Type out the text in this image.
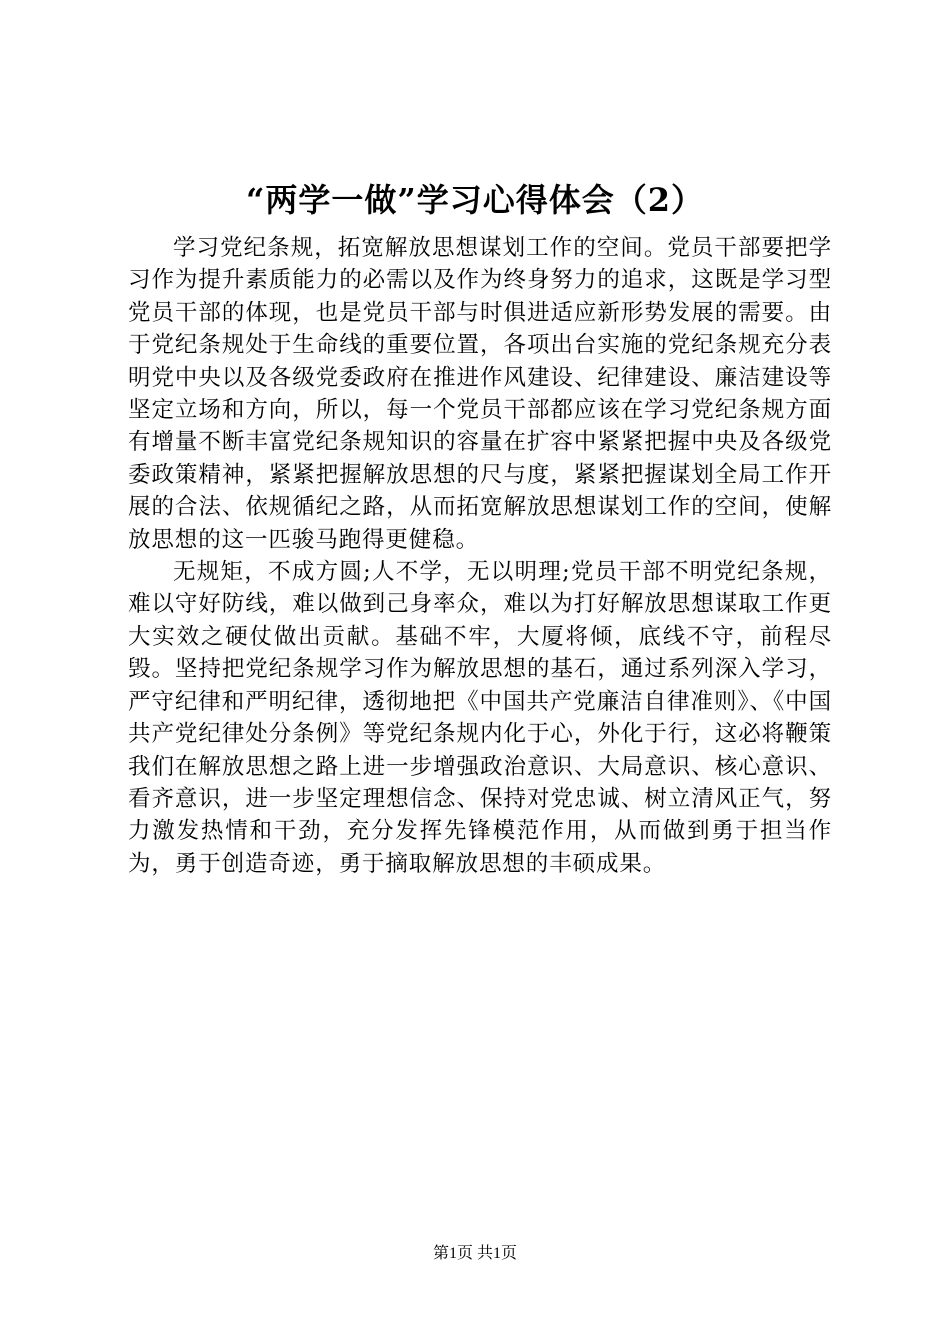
“两学一做”学习心得体会（2）

学习党纪条规，拓宽解放思想谋划工作的空间。党员干部要把学习作为提升素质能力的必需以及作为终身努力的追求，这既是学习型党员干部的体现，也是党员干部与时俱进适应新形势发展的需要。由于党纪条规处于生命线的重要位置，各项出台实施的党纪条规充分表明党中央以及各级党委政府在推进作风建设、纪律建设、廉洁建设等坚定立场和方向，所以，每一个党员干部都应该在学习党纪条规方面有增量不断丰富党纪条规知识的容量在扩容中紧紧把握中央及各级党委政策精神，紧紧把握解放思想的尺与度，紧紧把握谋划全局工作开展的合法、依规循纪之路，从而拓宽解放思想谋划工作的空间，使解放思想的这一匹骏马跑得更健稳。

无规矩，不成方圆;人不学，无以明理;党员干部不明党纪条规，难以守好防线，难以做到己身率众，难以为打好解放思想谋取工作更大实效之硬仗做出贡献。基础不牢，大厦将倾，底线不守，前程尽毁。坚持把党纪条规学习作为解放思想的基石，通过系列深入学习，严守纪律和严明纪律，透彻地把《中国共产党廉洁自律准则》、《中国共产党纪律处分条例》等党纪条规内化于心，外化于行，这必将鞭策我们在解放思想之路上进一步增强政治意识、大局意识、核心意识、看齐意识，进一步坚定理想信念、保持对党忠诚、树立清风正气，努力激发热情和干劲，充分发挥先锋模范作用，从而做到勇于担当作为，勇于创造奇迹，勇于摘取解放思想的丰硕成果。

第1页 共1页
